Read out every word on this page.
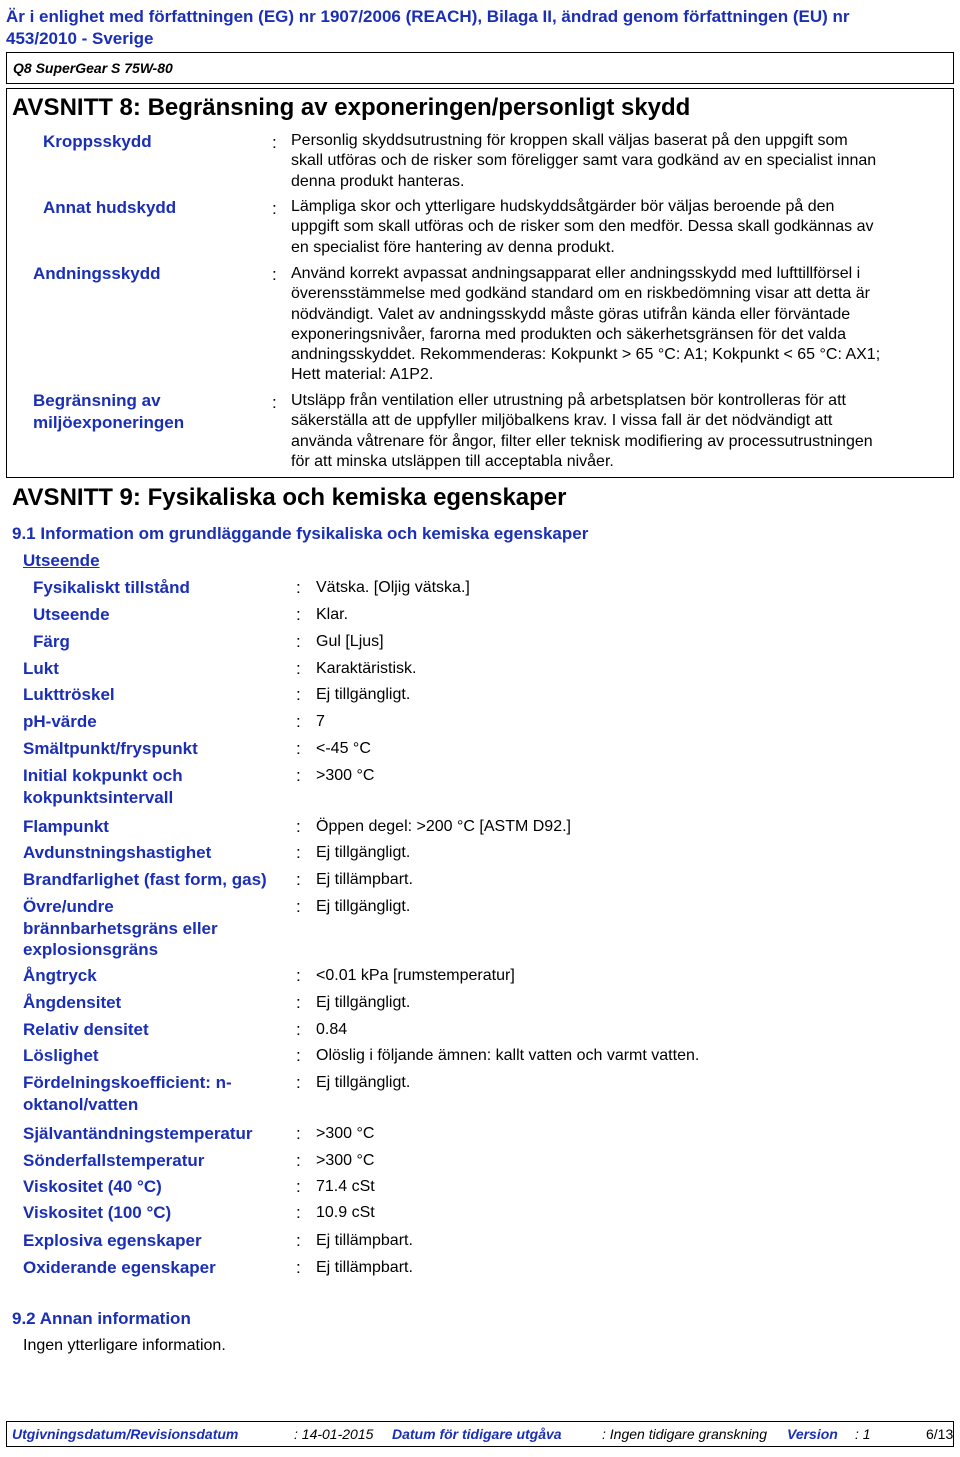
Är i enlighet med författningen (EG) nr 1907/2006 (REACH), Bilaga II, ändrad genom författningen (EU) nr
453/2010 - Sverige
Q8 SuperGear S 75W-80
AVSNITT 8: Begränsning av exponeringen/personligt skydd
Kroppsskydd	: Personlig skyddsutrustning för kroppen skall väljas baserat på den uppgift som
skall utföras och de risker som föreligger samt vara godkänd av en specialist innan
denna produkt hanteras.
Annat hudskydd	: Lämpliga skor och ytterligare hudskyddsåtgärder bör väljas beroende på den
uppgift som skall utföras och de risker som den medför. Dessa skall godkännas av
en specialist före hantering av denna produkt.
Andningsskydd	: Använd korrekt avpassat andningsapparat eller andningsskydd med lufttillförsel i
överensstämmelse med godkänd standard om en riskbedömning visar att detta är
nödvändigt. Valet av andningsskydd måste göras utifrån kända eller förväntade
exponeringsnivåer, farorna med produkten och säkerhetsgränsen för det valda
andningsskyddet. Rekommenderas: Kokpunkt > 65 °C: A1; Kokpunkt < 65 °C: AX1;
Hett material: A1P2.
Begränsning av
miljöexponeringen
: Utsläpp från ventilation eller utrustning på arbetsplatsen bör kontrolleras för att
säkerställa att de uppfyller miljöbalkens krav. I vissa fall är det nödvändigt att
använda våtrenare för ångor, filter eller teknisk modifiering av processutrustningen
för att minska utsläppen till acceptabla nivåer.
AVSNITT 9: Fysikaliska och kemiska egenskaper
9.1 Information om grundläggande fysikaliska och kemiska egenskaper
Utseende
Fysikaliskt tillstånd	: Vätska. [Oljig vätska.]
Utseende	: Klar.
Färg	: Gul [Ljus]
Lukt	: Karaktäristisk.
Lukttröskel	: Ej tillgängligt.
pH-värde	: 7
Smältpunkt/fryspunkt	: <-45 °C
Initial kokpunkt och
kokpunktsintervall
: >300 °C
Flampunkt	: Öppen degel: >200 °C [ASTM D92.]
Avdunstningshastighet	: Ej tillgängligt.
Brandfarlighet (fast form, gas) : Ej tillämpbart.
Övre/undre
brännbarhetsgräns eller
explosionsgräns
: Ej tillgängligt.
Ångtryck	: <0.01 kPa [rumstemperatur]
Ångdensitet	: Ej tillgängligt.
Relativ densitet	: 0.84
Löslighet	: Olöslig i följande ämnen: kallt vatten och varmt vatten.
Fördelningskoefficient: n-
oktanol/vatten
: Ej tillgängligt.
Självantändningstemperatur	: >300 °C
Sönderfallstemperatur	: >300 °C
Viskositet (40 °C)	: 71.4 cSt
Viskositet (100 °C)	: 10.9 cSt
Explosiva egenskaper	: Ej tillämpbart.
Oxiderande egenskaper	: Ej tillämpbart.
9.2 Annan information
Ingen ytterligare information.
Utgivningsdatum/Revisionsdatum	: 14-01-2015 Datum för tidigare utgåva	: Ingen tidigare granskning Version : 1	6/13
